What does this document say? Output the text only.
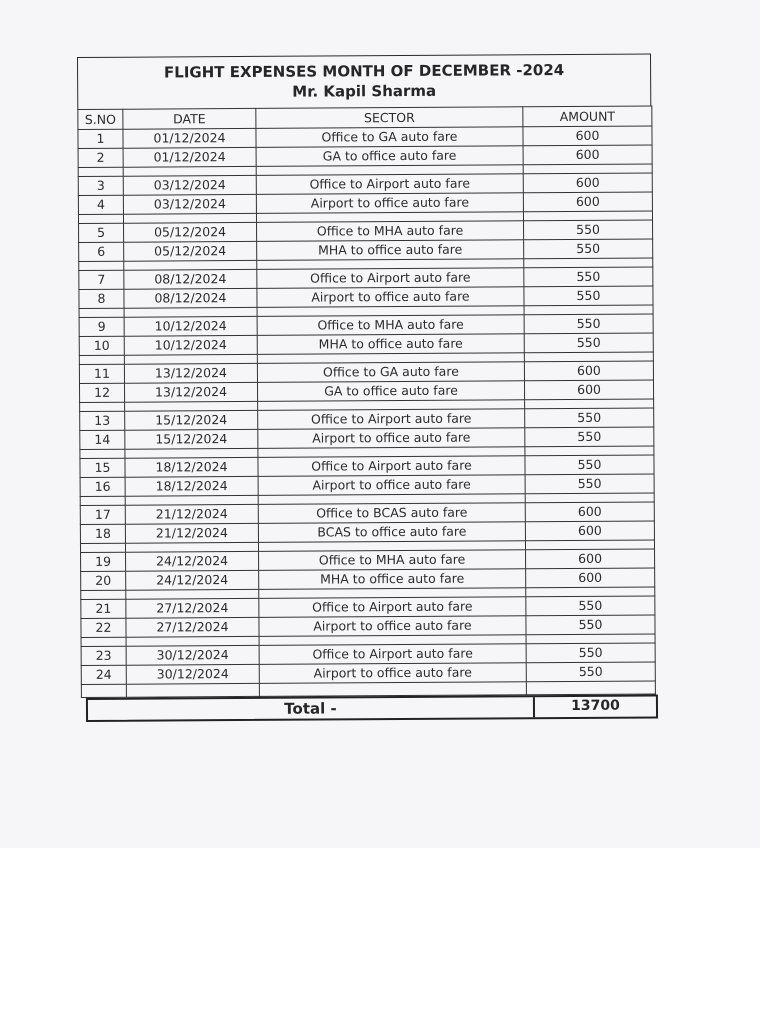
FLIGHT EXPENSES MONTH OF DECEMBER -2024
Mr. Kapil Sharma
S.NO	DATE	SECTOR	AMOUNT
1	01/12/2024	Office to GA auto fare	600
2	01/12/2024	GA to office auto fare	600

3	03/12/2024	Office to Airport auto fare	600
4	03/12/2024	Airport to office auto fare	600

5	05/12/2024	Office to MHA auto fare	550
6	05/12/2024	MHA to office auto fare	550

7	08/12/2024	Office to Airport auto fare	550
8	08/12/2024	Airport to office auto fare	550

9	10/12/2024	Office to MHA auto fare	550
10	10/12/2024	MHA to office auto fare	550

11	13/12/2024	Office to GA auto fare	600
12	13/12/2024	GA to office auto fare	600

13	15/12/2024	Office to Airport auto fare	550
14	15/12/2024	Airport to office auto fare	550

15	18/12/2024	Office to Airport auto fare	550
16	18/12/2024	Airport to office auto fare	550

17	21/12/2024	Office to BCAS auto fare	600
18	21/12/2024	BCAS to office auto fare	600

19	24/12/2024	Office to MHA auto fare	600
20	24/12/2024	MHA to office auto fare	600

21	27/12/2024	Office to Airport auto fare	550
22	27/12/2024	Airport to office auto fare	550

23	30/12/2024	Office to Airport auto fare	550
24	30/12/2024	Airport to office auto fare	550

Total -	13700
